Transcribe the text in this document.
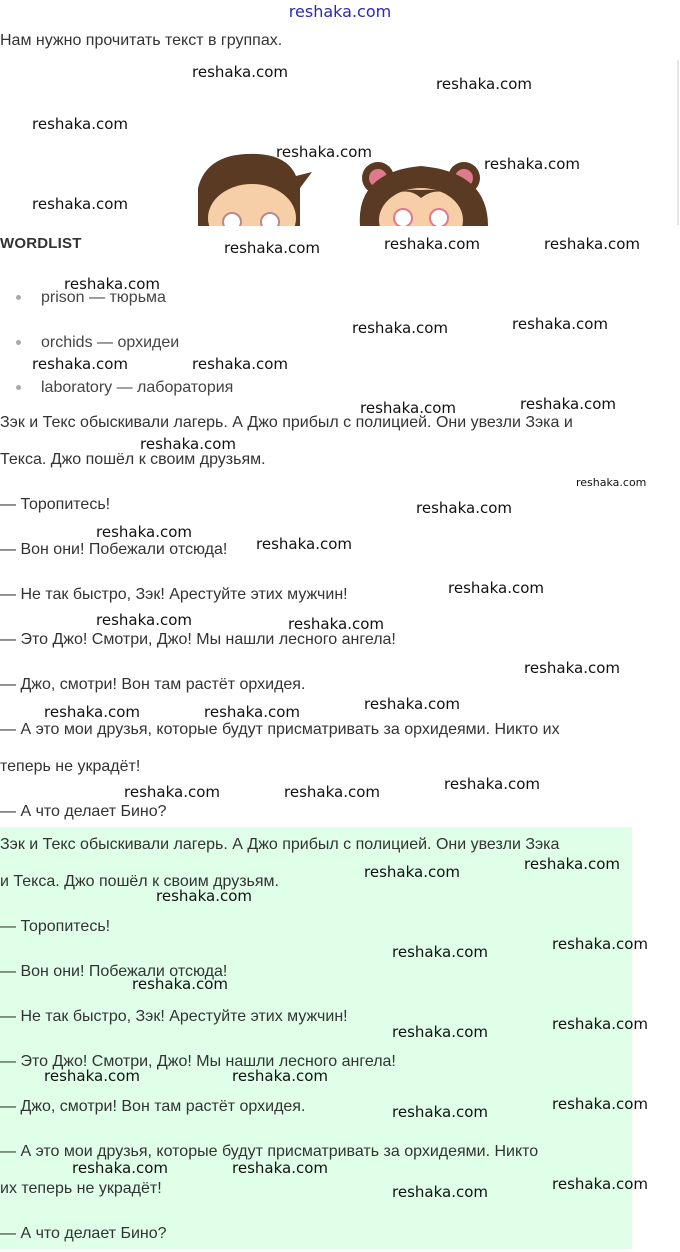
reshaka.com
Нам нужно прочитать текст в группах.
WORDLIST
prison — тюрьма
orchids — орхидеи
laboratory — лаборатория

Зэк и Текс обыскивали лагерь. А Джо прибыл с полицией. Они увезли Зэка и

Текса. Джо пошёл к своим друзьям.

— Торопитесь!

— Вон они! Побежали отсюда!

— Не так быстро, Зэк! Арестуйте этих мужчин!

— Это Джо! Смотри, Джо! Мы нашли лесного ангела!

— Джо, смотри! Вон там растёт орхидея.

— А это мои друзья, которые будут присматривать за орхидеями. Никто их

теперь не украдёт!

— А что делает Бино?

Зэк и Текс обыскивали лагерь. А Джо прибыл с полицией. Они увезли Зэка

и Текса. Джо пошёл к своим друзьям.

— Торопитесь!

— Вон они! Побежали отсюда!

— Не так быстро, Зэк! Арестуйте этих мужчин!

— Это Джо! Смотри, Джо! Мы нашли лесного ангела!

— Джо, смотри! Вон там растёт орхидея.

— А это мои друзья, которые будут присматривать за орхидеями. Никто

их теперь не украдёт!

— А что делает Бино?

reshaka.com
reshaka.com
reshaka.com
reshaka.com
reshaka.com
reshaka.com
reshaka.com	reshaka.com	reshaka.com
reshaka.com
reshaka.com	reshaka.com
reshaka.com	reshaka.com
reshaka.com	reshaka.com
reshaka.com
reshaka.com
reshaka.com
reshaka.com
reshaka.com
reshaka.com	reshaka.com
reshaka.com
reshaka.com
reshaka.com	reshaka.com
reshaka.com
reshaka.com	reshaka.com
reshaka.com
reshaka.com
reshaka.com
reshaka.com
reshaka.com
reshaka.com
reshaka.com
reshaka.com
reshaka.com	reshaka.com
reshaka.com
reshaka.com
reshaka.com	reshaka.com
reshaka.com
reshaka.com
reshaka.com
